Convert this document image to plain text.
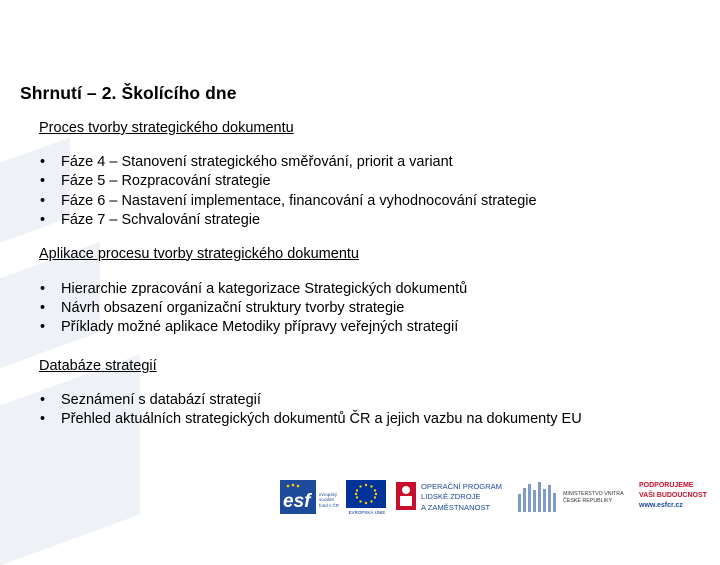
Shrnutí – 2. Školícího dne

Proces tvorby strategického dokumentu

• Fáze 4 – Stanovení strategického směřování, priorit a variant
• Fáze 5 – Rozpracování strategie
• Fáze 6 – Nastavení implementace, financování a vyhodnocování strategie
• Fáze 7 – Schvalování strategie

Aplikace procesu tvorby strategického dokumentu

• Hierarchie zpracování a kategorizace Strategických dokumentů
• Návrh obsazení organizační struktury tvorby strategie
• Příklady možné aplikace Metodiky přípravy veřejných strategií

Databáze strategií

• Seznámení s databází strategií
• Přehled aktuálních strategických dokumentů ČR a jejich vazbu na dokumenty EU
esf	evropský
sociální
fond v ČR
EVROPSKÁ UNIE
OPERAČNÍ PROGRAM
LIDSKÉ ZDROJE
A ZAMĚSTNANOST
MINISTERSTVO VNITRA
ČESKÉ REPUBLIKY
PODPORUJEME
VAŠI BUDOUCNOST
www.esfcr.cz
